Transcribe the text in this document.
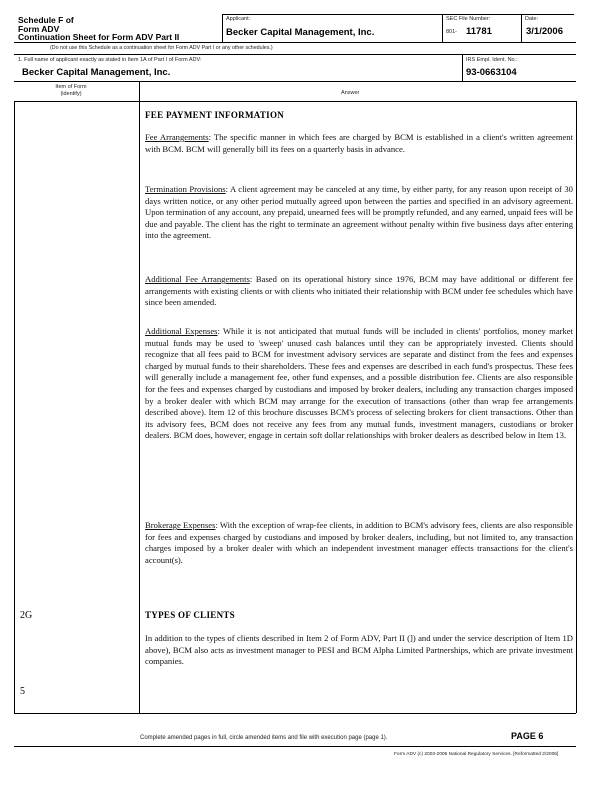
Schedule F of
Form ADV
Continuation Sheet for Form ADV Part II
Applicant:
Becker Capital Management, Inc.
SEC File Number:
801- 11781
Date:
3/1/2006
(Do not use this Schedule as a continuation sheet for Form ADV Part I or any other schedules.)
1. Full name of applicant exactly as stated in Item 1A of Part I of Form ADV:
Becker Capital Management, Inc.
IRS Empl. Ident. No.:
93-0663104
Item of Form (identify)	Answer
FEE PAYMENT INFORMATION
Fee Arrangements: The specific manner in which fees are charged by BCM is established in a client's written agreement with BCM. BCM will generally bill its fees on a quarterly basis in advance.
Termination Provisions: A client agreement may be canceled at any time, by either party, for any reason upon receipt of 30 days written notice, or any other period mutually agreed upon between the parties and specified in an advisory agreement. Upon termination of any account, any prepaid, unearned fees will be promptly refunded, and any earned, unpaid fees will be due and payable. The client has the right to terminate an agreement without penalty within five business days after entering into the agreement.
Additional Fee Arrangements: Based on its operational history since 1976, BCM may have additional or different fee arrangements with existing clients or with clients who initiated their relationship with BCM under fee schedules which have since been amended.
Additional Expenses: While it is not anticipated that mutual funds will be included in clients' portfolios, money market mutual funds may be used to 'sweep' unused cash balances until they can be appropriately invested. Clients should recognize that all fees paid to BCM for investment advisory services are separate and distinct from the fees and expenses charged by mutual funds to their shareholders. These fees and expenses are described in each fund's prospectus. These fees will generally include a management fee, other fund expenses, and a possible distribution fee. Clients are also responsible for the fees and expenses charged by custodians and imposed by broker dealers, including any transaction charges imposed by a broker dealer with which BCM may arrange for the execution of transactions (other than wrap fee arrangements described above). Item 12 of this brochure discusses BCM's process of selecting brokers for client transactions. Other than its advisory fees, BCM does not receive any fees from any mutual funds, investment managers, custodians or broker dealers. BCM does, however, engage in certain soft dollar relationships with broker dealers as described below in Item 13.
Brokerage Expenses: With the exception of wrap-fee clients, in addition to BCM's advisory fees, clients are also responsible for fees and expenses charged by custodians and imposed by broker dealers, including, but not limited to, any transaction charges imposed by a broker dealer with which an independent investment manager effects transactions for the client's account(s).
2G	TYPES OF CLIENTS
In addition to the types of clients described in Item 2 of Form ADV, Part II (]) and under the service description of Item 1D above), BCM also acts as investment manager to PESI and BCM Alpha Limited Partnerships, which are private investment companies.
5
Complete amended pages in full, circle amended items and file with execution page (page 1).	PAGE 6
Form ADV (c) 2003-2006 National Regulatory Services. [Reformatted 2/2006]
